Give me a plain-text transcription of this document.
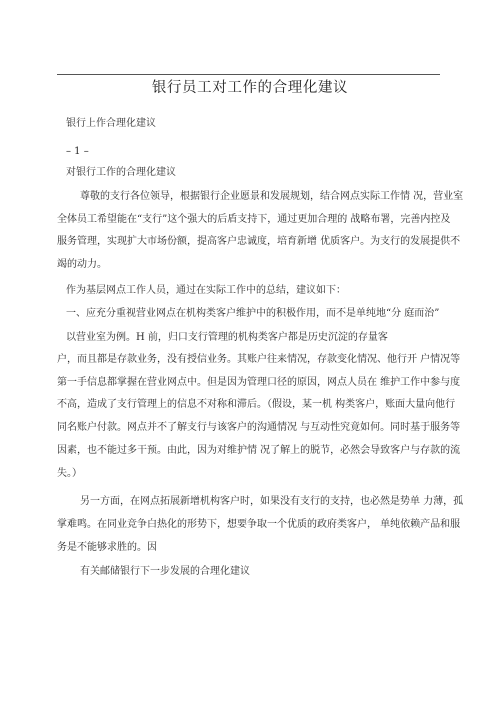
银行员工对工作的合理化建议
银行上作合理化建议
– 1 –
对银行工作的合理化建议
尊敬的支行各位领导，根据银行企业愿景和发展规划，结合网点实际工作情 况，营业室
全体员工希望能在“支行”这个强大的后盾支持下，通过更加合理的 战略布署，完善内控及
服务管理，实现扩大市场份额，提高客户忠诚度，培育新增 优质客户。为支行的发展提供不
竭的动力。
作为基层网点工作人员，通过在实际工作中的总结，建议如下：
一、应充分重视营业网点在机构类客户维护中的积极作用，而不是单纯地“分 庭而治”
以营业室为例。H 前，归口支行管理的机构类客户都是历史沉淀的存量客
户，而且都是存款业务，没有授信业务。其账户往来情况，存款变化情况、他行开 户情况等
第一手信息都掌握在营业网点中。但是因为管理口径的原因，网点人员在 维护工作中参与度
不高，造成了支行管理上的信息不对称和滞后。（假设，某一机 构类客户，账面大量向他行
同名账户付款。网点并不了解支行与该客户的沟通情况 与互动性究竟如何。同时基于服务等
因素，也不能过多干预。由此，因为对维护情 况了解上的脱节，必然会导致客户与存款的流
失。）
另一方面，在网点拓展新增机构客户时，如果没有支行的支持，也必然是势单 力薄，孤
掌难鸣。在同业竞争白热化的形势下，想要争取一个优质的政府类客户， 单纯依赖产品和服
务是不能够求胜的。因
有关邮储银行下一步发展的合理化建议
